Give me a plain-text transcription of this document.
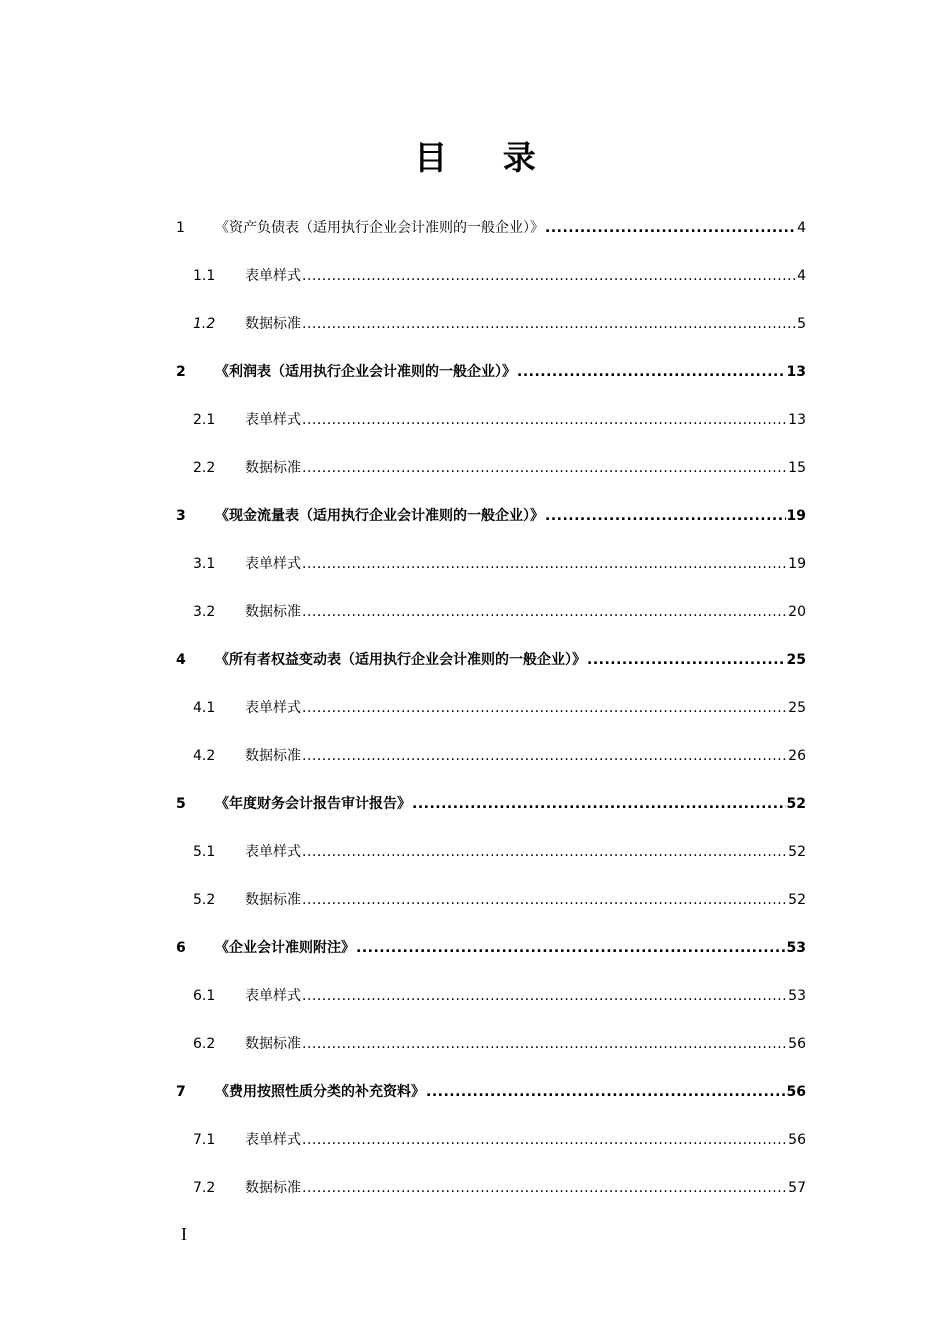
目 录
1	《资产负债表（适用执行企业会计准则的一般企业）》 .....	4
1.1	表单样式 .....	4
1.2	数据标准 .....	5
2	《利润表（适用执行企业会计准则的一般企业）》 .....	13
2.1	表单样式 .....	13
2.2	数据标准 .....	15
3	《现金流量表（适用执行企业会计准则的一般企业）》 .....	19
3.1	表单样式 .....	19
3.2	数据标准 .....	20
4	《所有者权益变动表（适用执行企业会计准则的一般企业）》 .....	25
4.1	表单样式 .....	25
4.2	数据标准 .....	26
5	《年度财务会计报告审计报告》 .....	52
5.1	表单样式 .....	52
5.2	数据标准 .....	52
6	《企业会计准则附注》 .....	53
6.1	表单样式 .....	53
6.2	数据标准 .....	56
7	《费用按照性质分类的补充资料》 .....	56
7.1	表单样式 .....	56
7.2	数据标准 .....	57
I
